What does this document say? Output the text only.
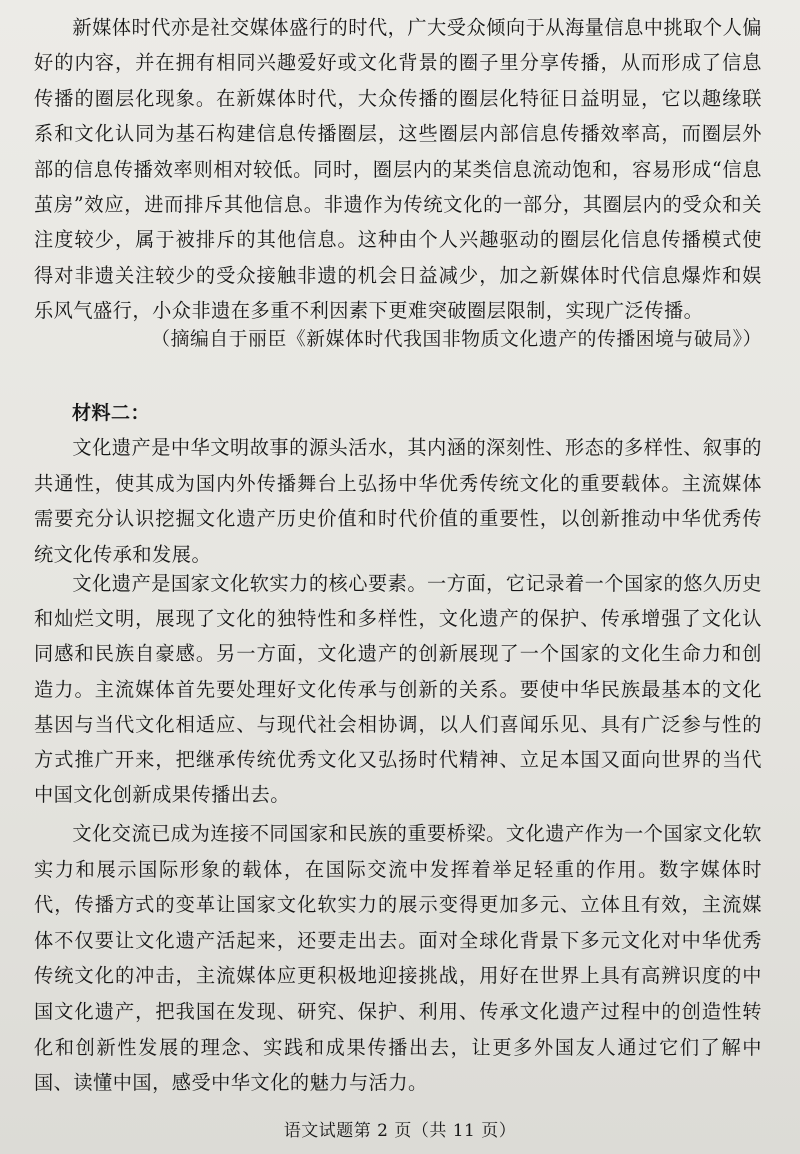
新媒体时代亦是社交媒体盛行的时代，广大受众倾向于从海量信息中挑取个人偏好的内容，并在拥有相同兴趣爱好或文化背景的圈子里分享传播，从而形成了信息传播的圈层化现象。在新媒体时代，大众传播的圈层化特征日益明显，它以趣缘联系和文化认同为基石构建信息传播圈层，这些圈层内部信息传播效率高，而圈层外部的信息传播效率则相对较低。同时，圈层内的某类信息流动饱和，容易形成“信息茧房”效应，进而排斥其他信息。非遗作为传统文化的一部分，其圈层内的受众和关注度较少，属于被排斥的其他信息。这种由个人兴趣驱动的圈层化信息传播模式使得对非遗关注较少的受众接触非遗的机会日益减少，加之新媒体时代信息爆炸和娱乐风气盛行，小众非遗在多重不利因素下更难突破圈层限制，实现广泛传播。

（摘编自于丽臣《新媒体时代我国非物质文化遗产的传播困境与破局》）

材料二：

文化遗产是中华文明故事的源头活水，其内涵的深刻性、形态的多样性、叙事的共通性，使其成为国内外传播舞台上弘扬中华优秀传统文化的重要载体。主流媒体需要充分认识挖掘文化遗产历史价值和时代价值的重要性，以创新推动中华优秀传统文化传承和发展。

文化遗产是国家文化软实力的核心要素。一方面，它记录着一个国家的悠久历史和灿烂文明，展现了文化的独特性和多样性，文化遗产的保护、传承增强了文化认同感和民族自豪感。另一方面，文化遗产的创新展现了一个国家的文化生命力和创造力。主流媒体首先要处理好文化传承与创新的关系。要使中华民族最基本的文化基因与当代文化相适应、与现代社会相协调，以人们喜闻乐见、具有广泛参与性的方式推广开来，把继承传统优秀文化又弘扬时代精神、立足本国又面向世界的当代中国文化创新成果传播出去。

文化交流已成为连接不同国家和民族的重要桥梁。文化遗产作为一个国家文化软实力和展示国际形象的载体，在国际交流中发挥着举足轻重的作用。数字媒体时代，传播方式的变革让国家文化软实力的展示变得更加多元、立体且有效，主流媒体不仅要让文化遗产活起来，还要走出去。面对全球化背景下多元文化对中华优秀传统文化的冲击，主流媒体应更积极地迎接挑战，用好在世界上具有高辨识度的中国文化遗产，把我国在发现、研究、保护、利用、传承文化遗产过程中的创造性转化和创新性发展的理念、实践和成果传播出去，让更多外国友人通过它们了解中国、读懂中国，感受中华文化的魅力与活力。

语文试题第 2 页（共 11 页）
